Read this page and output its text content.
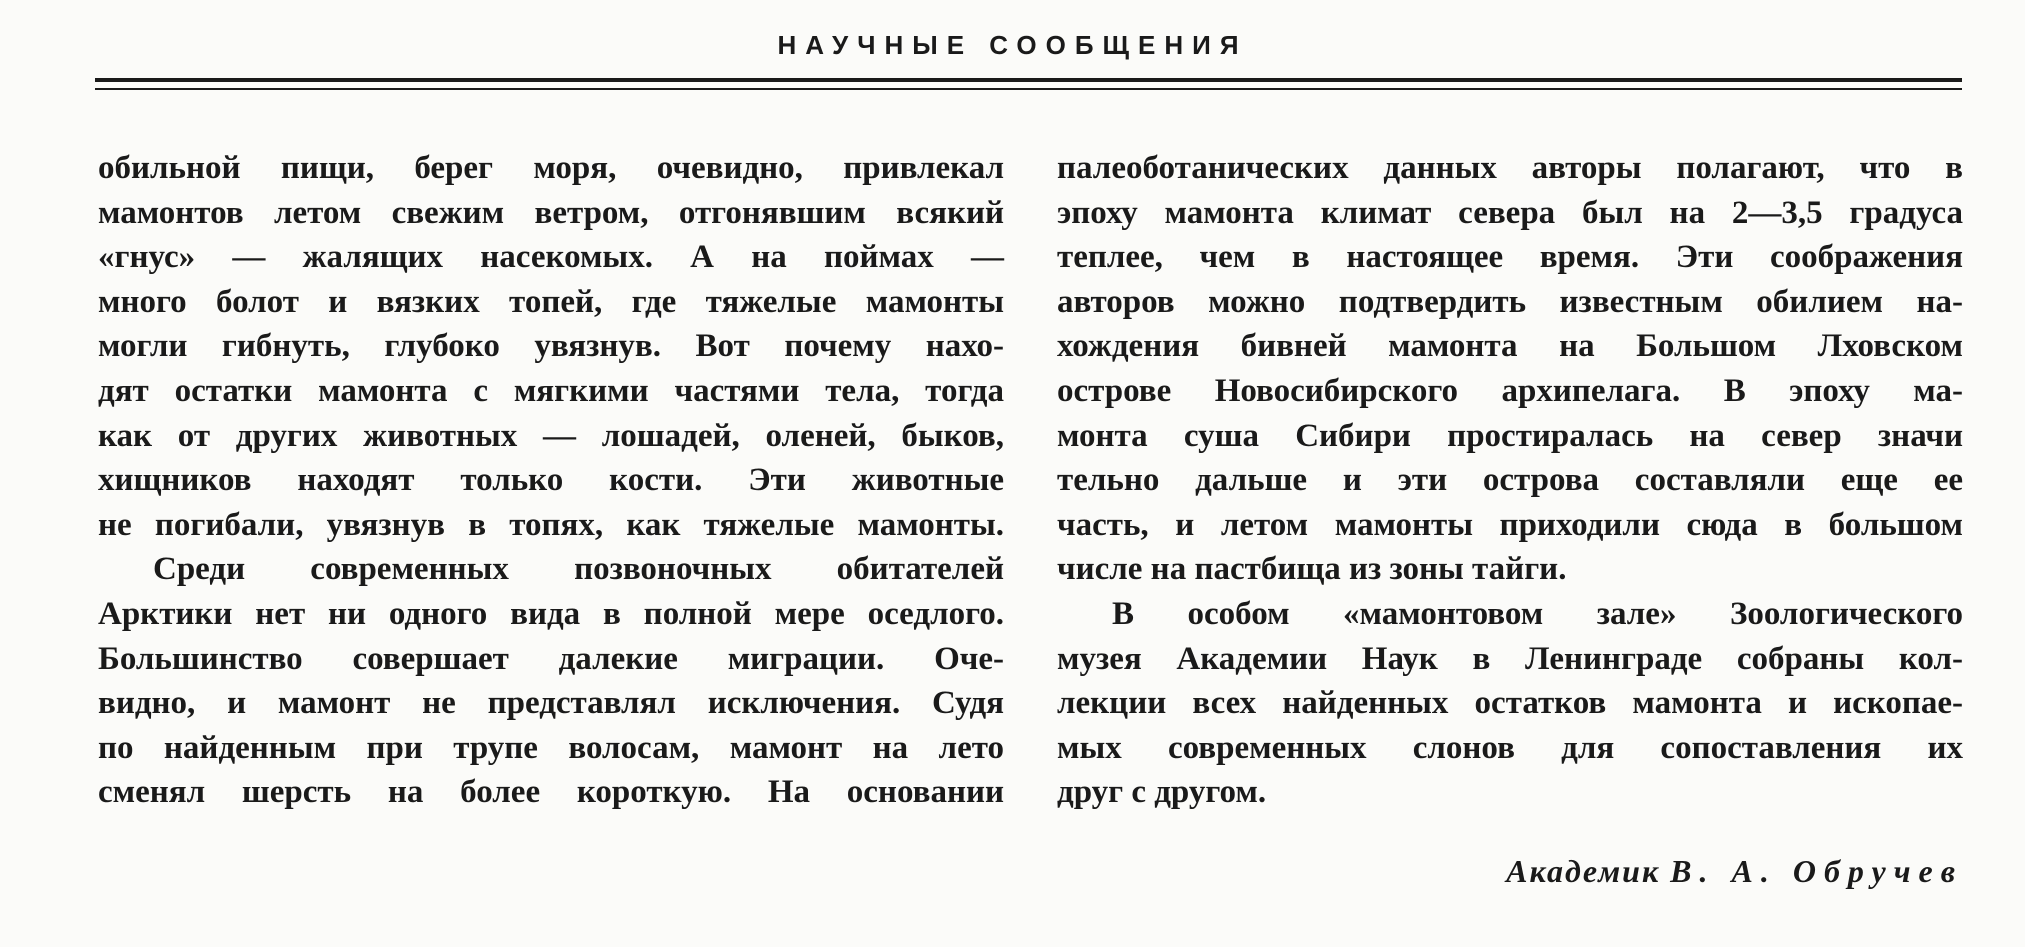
НАУЧНЫЕ СООБЩЕНИЯ
обильной пищи, берег моря, очевидно, привлекал
мамонтов летом свежим ветром, отгонявшим всякий
«гнус» — жалящих насекомых. А на поймах —
много болот и вязких топей, где тяжелые мамонты
могли гибнуть, глубоко увязнув. Вот почему нахо-
дят остатки мамонта с мягкими частями тела, тогда
как от других животных — лошадей, оленей, быков,
хищников находят только кости. Эти животные
не погибали, увязнув в топях, как тяжелые мамонты.
Среди современных позвоночных обитателей
Арктики нет ни одного вида в полной мере оседлого.
Большинство совершает далекие миграции. Оче-
видно, и мамонт не представлял исключения. Судя
по найденным при трупе волосам, мамонт на лето
сменял шерсть на более короткую. На основании
палеоботанических данных авторы полагают, что в
эпоху мамонта климат севера был на 2—3,5 градуса
теплее, чем в настоящее время. Эти соображения
авторов можно подтвердить известным обилием на-
хождения бивней мамонта на Большом Лховском
острове Новосибирского архипелага. В эпоху ма-
монта суша Сибири простиралась на север значи
тельно дальше и эти острова составляли еще ее
часть, и летом мамонты приходили сюда в большом
числе на пастбища из зоны тайги.
В особом «мамонтовом зале» Зоологического
музея Академии Наук в Ленинграде собраны кол-
лекции всех найденных остатков мамонта и ископае-
мых современных слонов для сопоставления их
друг с другом.
Академик В. А. Обручев
